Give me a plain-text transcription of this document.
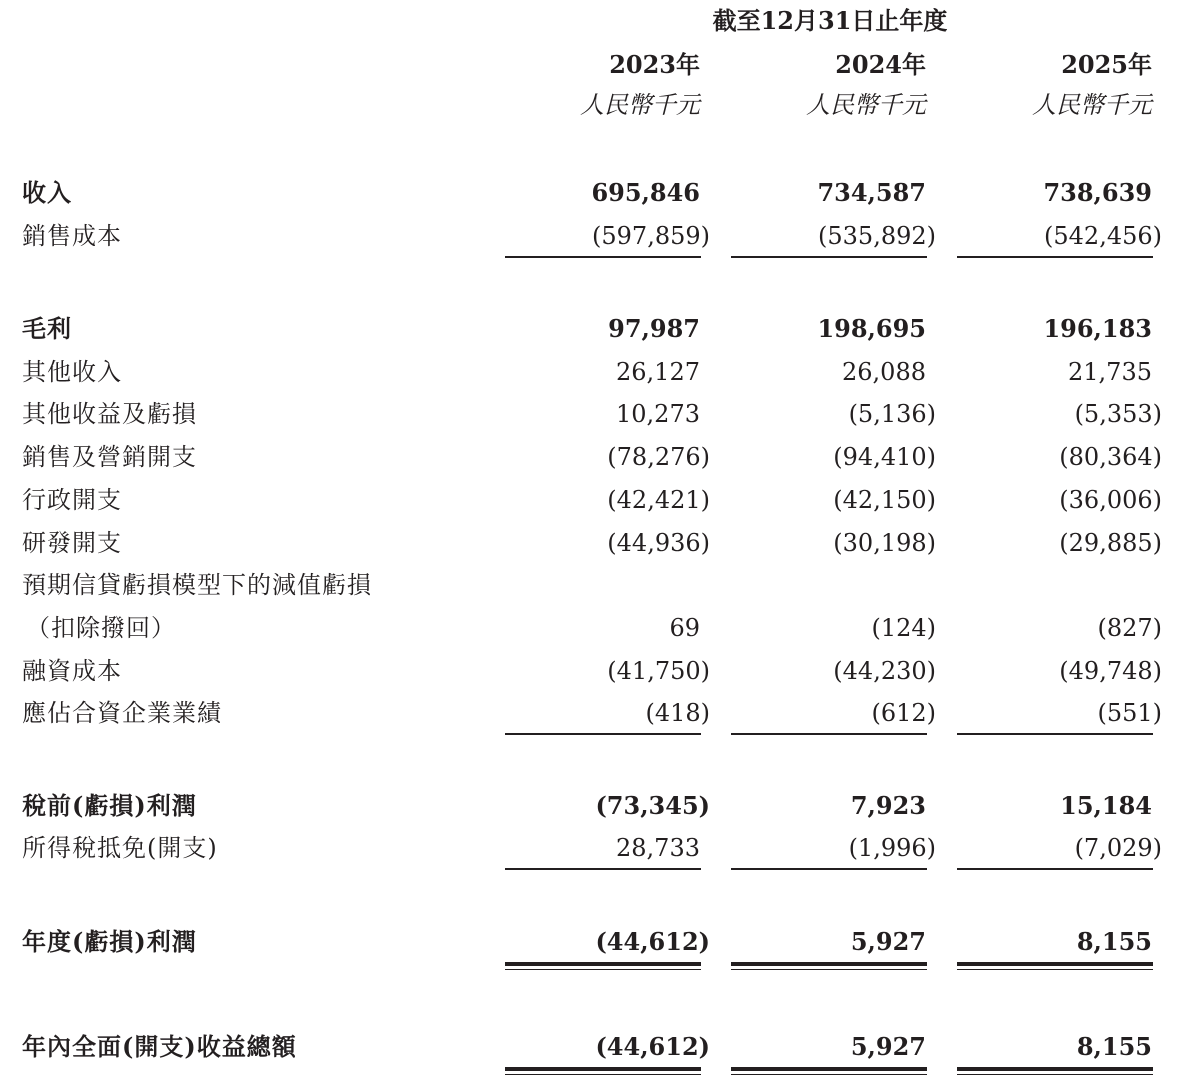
截至12月31日止年度
2023年	2024年	2025年
人民幣千元	人民幣千元	人民幣千元
收入	695,846	734,587	738,639
銷售成本	(597,859)	(535,892)	(542,456)
毛利	97,987	198,695	196,183
其他收入	26,127	26,088	21,735
其他收益及虧損	10,273	(5,136)	(5,353)
銷售及營銷開支	(78,276)	(94,410)	(80,364)
行政開支	(42,421)	(42,150)	(36,006)
研發開支	(44,936)	(30,198)	(29,885)
預期信貸虧損模型下的減值虧損
（扣除撥回）	69	(124)	(827)
融資成本	(41,750)	(44,230)	(49,748)
應佔合資企業業績	(418)	(612)	(551)
稅前(虧損)利潤	(73,345)	7,923	15,184
所得稅抵免(開支)	28,733	(1,996)	(7,029)
年度(虧損)利潤	(44,612)	5,927	8,155
年內全面(開支)收益總額	(44,612)	5,927	8,155
